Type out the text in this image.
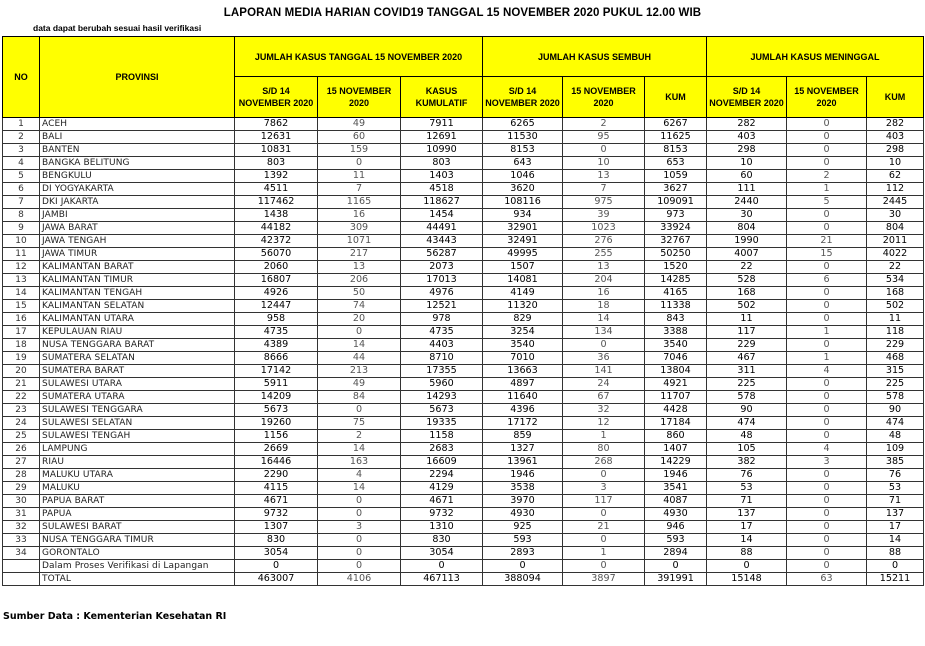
LAPORAN MEDIA HARIAN COVID19 TANGGAL 15 NOVEMBER 2020 PUKUL 12.00 WIB
data dapat berubah sesuai hasil verifikasi
NO	PROVINSI	JUMLAH KASUS TANGGAL 15 NOVEMBER 2020			JUMLAH KASUS SEMBUH			JUMLAH KASUS MENINGGAL		
		S/D 14 NOVEMBER 2020	15 NOVEMBER 2020	KASUS KUMULATIF	S/D 14 NOVEMBER 2020	15 NOVEMBER 2020	KUM	S/D 14 NOVEMBER 2020	15 NOVEMBER 2020	KUM
1	ACEH	7862	49	7911	6265	2	6267	282	0	282
2	BALI	12631	60	12691	11530	95	11625	403	0	403
3	BANTEN	10831	159	10990	8153	0	8153	298	0	298
4	BANGKA BELITUNG	803	0	803	643	10	653	10	0	10
5	BENGKULU	1392	11	1403	1046	13	1059	60	2	62
6	DI YOGYAKARTA	4511	7	4518	3620	7	3627	111	1	112
7	DKI JAKARTA	117462	1165	118627	108116	975	109091	2440	5	2445
8	JAMBI	1438	16	1454	934	39	973	30	0	30
9	JAWA BARAT	44182	309	44491	32901	1023	33924	804	0	804
10	JAWA TENGAH	42372	1071	43443	32491	276	32767	1990	21	2011
11	JAWA TIMUR	56070	217	56287	49995	255	50250	4007	15	4022
12	KALIMANTAN BARAT	2060	13	2073	1507	13	1520	22	0	22
13	KALIMANTAN TIMUR	16807	206	17013	14081	204	14285	528	6	534
14	KALIMANTAN TENGAH	4926	50	4976	4149	16	4165	168	0	168
15	KALIMANTAN SELATAN	12447	74	12521	11320	18	11338	502	0	502
16	KALIMANTAN UTARA	958	20	978	829	14	843	11	0	11
17	KEPULAUAN RIAU	4735	0	4735	3254	134	3388	117	1	118
18	NUSA TENGGARA BARAT	4389	14	4403	3540	0	3540	229	0	229
19	SUMATERA SELATAN	8666	44	8710	7010	36	7046	467	1	468
20	SUMATERA BARAT	17142	213	17355	13663	141	13804	311	4	315
21	SULAWESI UTARA	5911	49	5960	4897	24	4921	225	0	225
22	SUMATERA UTARA	14209	84	14293	11640	67	11707	578	0	578
23	SULAWESI TENGGARA	5673	0	5673	4396	32	4428	90	0	90
24	SULAWESI SELATAN	19260	75	19335	17172	12	17184	474	0	474
25	SULAWESI TENGAH	1156	2	1158	859	1	860	48	0	48
26	LAMPUNG	2669	14	2683	1327	80	1407	105	4	109
27	RIAU	16446	163	16609	13961	268	14229	382	3	385
28	MALUKU UTARA	2290	4	2294	1946	0	1946	76	0	76
29	MALUKU	4115	14	4129	3538	3	3541	53	0	53
30	PAPUA BARAT	4671	0	4671	3970	117	4087	71	0	71
31	PAPUA	9732	0	9732	4930	0	4930	137	0	137
32	SULAWESI BARAT	1307	3	1310	925	21	946	17	0	17
33	NUSA TENGGARA TIMUR	830	0	830	593	0	593	14	0	14
34	GORONTALO	3054	0	3054	2893	1	2894	88	0	88
	Dalam Proses Verifikasi di Lapangan	0	0	0	0	0	0	0	0	0
	TOTAL	463007	4106	467113	388094	3897	391991	15148	63	15211
Sumber Data : Kementerian Kesehatan RI
